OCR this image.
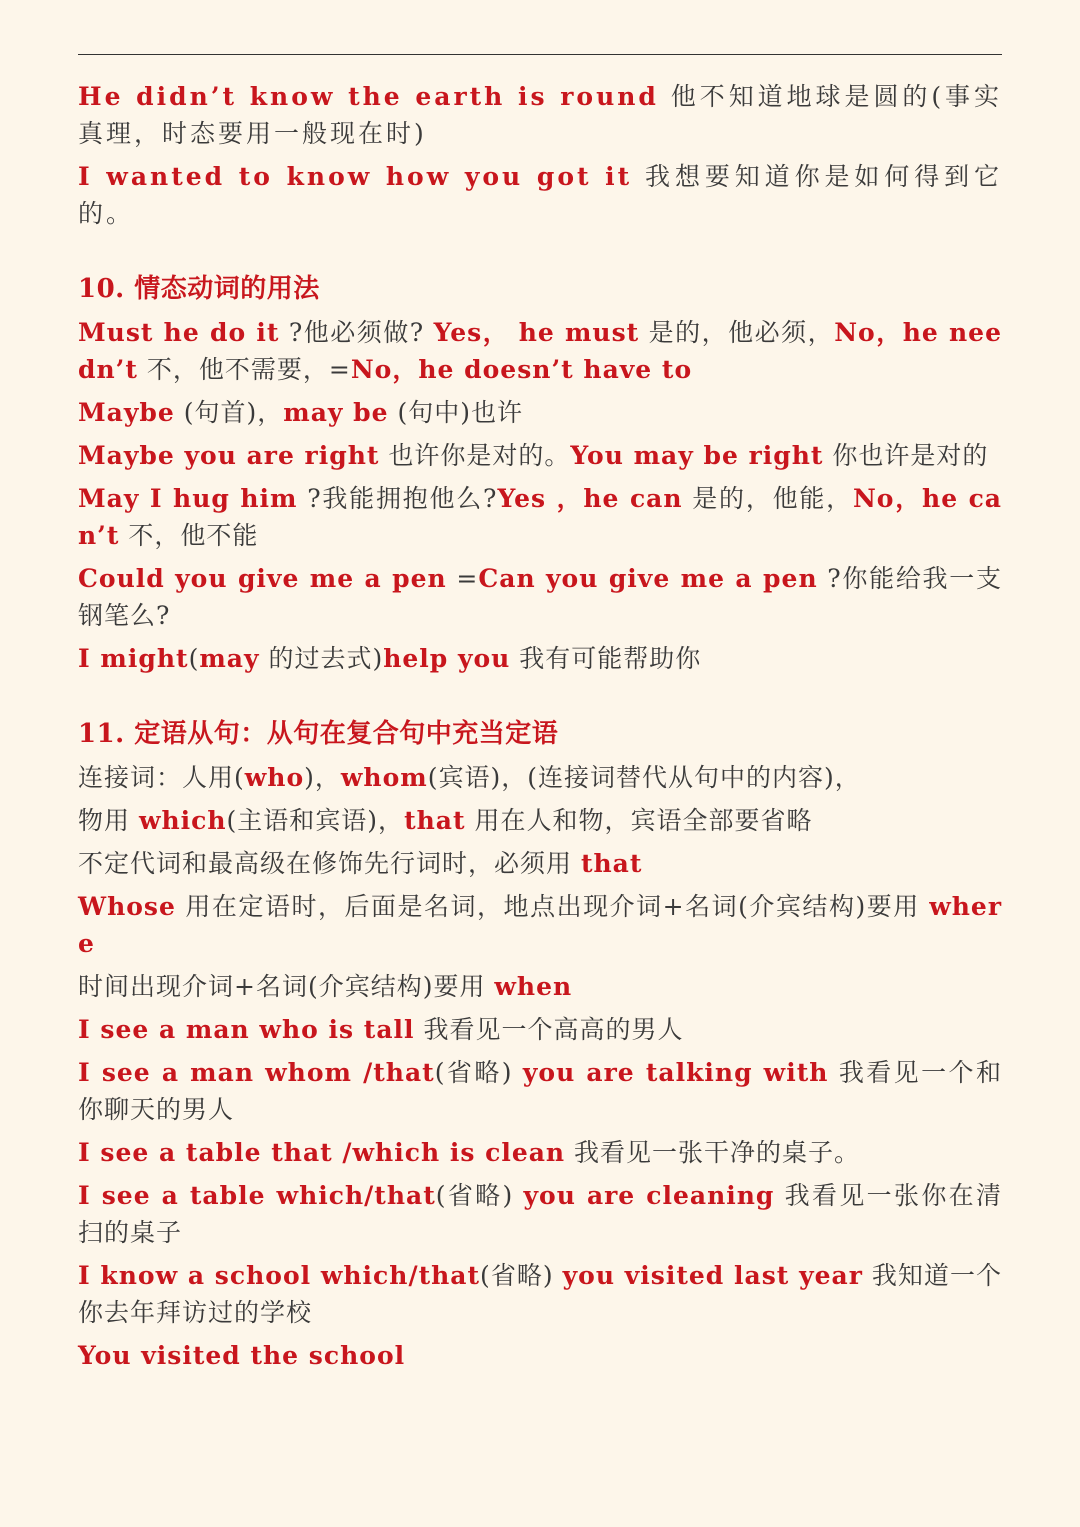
He didn’t know the earth is round 他不知道地球是圆的(事实真理，时态要用一般现在时)
I wanted to know how you got it 我想要知道你是如何得到它的。
10. 情态动词的用法
Must he do it ?他必须做? Yes， he must 是的，他必须，No，he needn’t 不，他不需要，=No，he doesn’t have to
Maybe (句首)，may be (句中)也许
Maybe you are right 也许你是对的。You may be right 你也许是对的
May I hug him ?我能拥抱他么?Yes ，he can 是的，他能，No，he can’t 不，他不能
Could you give me a pen =Can you give me a pen ?你能给我一支钢笔么?
I might(may 的过去式)help you 我有可能帮助你
11. 定语从句：从句在复合句中充当定语
连接词：人用(who)，whom(宾语)，(连接词替代从句中的内容)，
物用 which(主语和宾语)，that 用在人和物，宾语全部要省略
不定代词和最高级在修饰先行词时，必须用 that
Whose 用在定语时，后面是名词，地点出现介词+名词(介宾结构)要用 where
时间出现介词+名词(介宾结构)要用 when
I see a man who is tall 我看见一个高高的男人
I see a man whom /that(省略) you are talking with 我看见一个和你聊天的男人
I see a table that /which is clean 我看见一张干净的桌子。
I see a table which/that(省略) you are cleaning 我看见一张你在清扫的桌子
I know a school which/that(省略) you visited last year 我知道一个你去年拜访过的学校
You visited the school
